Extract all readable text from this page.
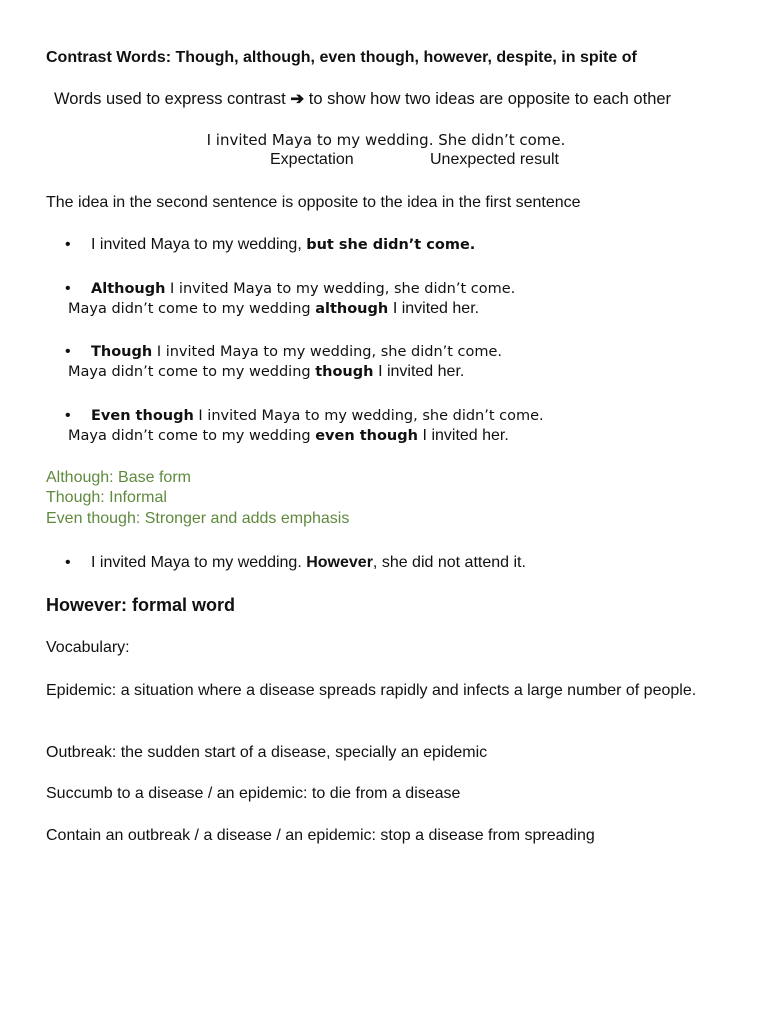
Contrast Words: Though, although, even though, however, despite, in spite of
Words used to express contrast ➔ to show how two ideas are opposite to each other
I invited Maya to my wedding. She didn’t come.
Expectation	Unexpected result
The idea in the second sentence is opposite to the idea in the first sentence
• I invited Maya to my wedding, but she didn’t come.
• Although I invited Maya to my wedding, she didn’t come.
Maya didn’t come to my wedding although I invited her.
• Though I invited Maya to my wedding, she didn’t come.
Maya didn’t come to my wedding though I invited her.
• Even though I invited Maya to my wedding, she didn’t come.
Maya didn’t come to my wedding even though I invited her.
Although: Base form
Though: Informal
Even though: Stronger and adds emphasis
• I invited Maya to my wedding. However, she did not attend it.
However: formal word
Vocabulary:
Epidemic: a situation where a disease spreads rapidly and infects a large number of people.
Outbreak: the sudden start of a disease, specially an epidemic
Succumb to a disease / an epidemic: to die from a disease
Contain an outbreak / a disease / an epidemic: stop a disease from spreading
